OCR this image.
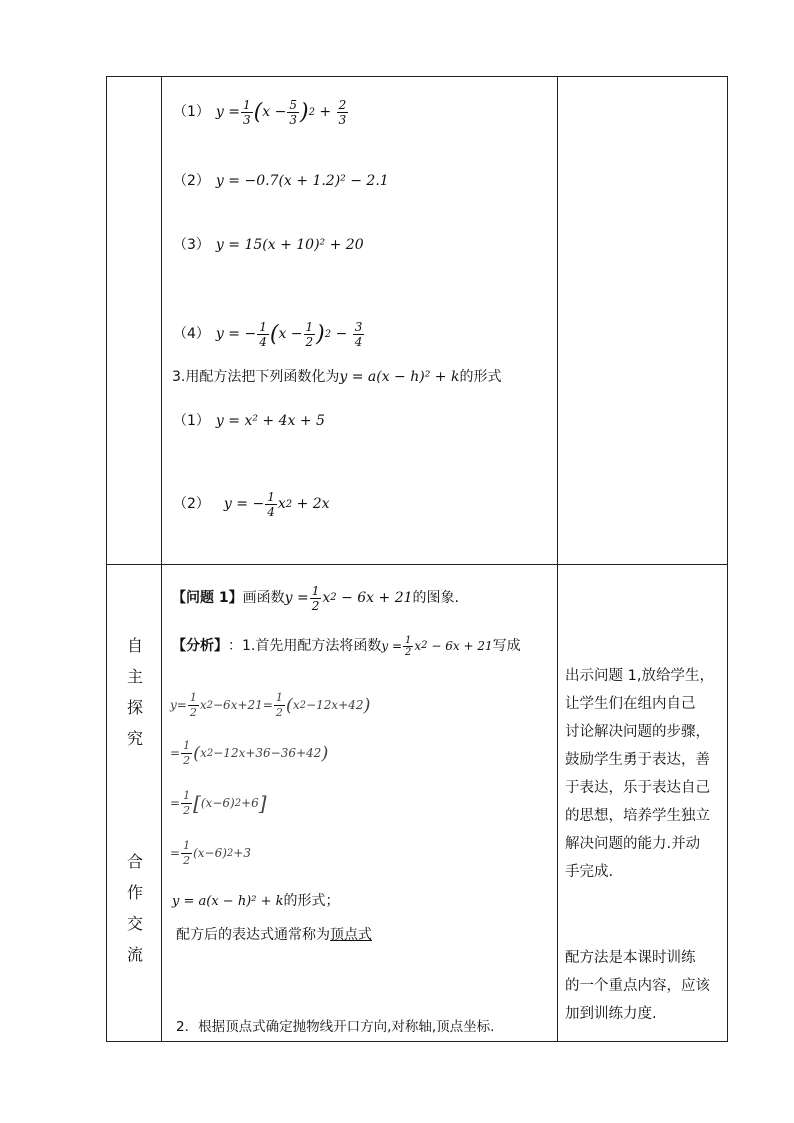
（1） $y = \frac{1}{3}$ ( $x - \frac{5}{3}$ ) $2 + \frac{2}{3}$
（2） y = −0.7(x + 1.2)² − 2.1
（3） y = 15(x + 10)² + 20
（4） y = − $\frac{1}{4}$ ( $x - \frac{1}{2}$ ) $2 - \frac{3}{4}$
3.用配方法把下列函数化为y = a(x − h)² + k的形式
（1） y = x² + 4x + 5
（2） y = − $\frac{1}{4}$ x 2 + 2x
自
主
探
究
合
作
交
流
【问题 1】 画函数 $y = \frac{1}{2}$ x 2 − 6x + 21 的图象.
【分析】 ：1.首先用配方法将函数 $y = \frac{1}{2}$ x 2 − 6x + 21 写成
$y= \frac{1}{2}$ x $2 -6x+21= \frac{1}{2}$ ( x 2 −12x+42 )
= $\frac{1}{2}$ ( x 2 −12x+36−36+42 )
= $\frac{1}{2}$ [ (x−6) 2 +6 ]
= $\frac{1}{2} (x-6)$ 2 +3
y = a(x − h)² + k的形式；
配方后的表达式通常称为顶点式
2．根据顶点式确定抛物线开口方向,对称轴,顶点坐标.
出示问题 1,放给学生，
让学生们在组内自己
讨论解决问题的步骤，
鼓励学生勇于表达，善
于表达，乐于表达自己
的思想，培养学生独立
解决问题的能力.并动
手完成.
配方法是本课时训练
的一个重点内容，应该
加到训练力度.
